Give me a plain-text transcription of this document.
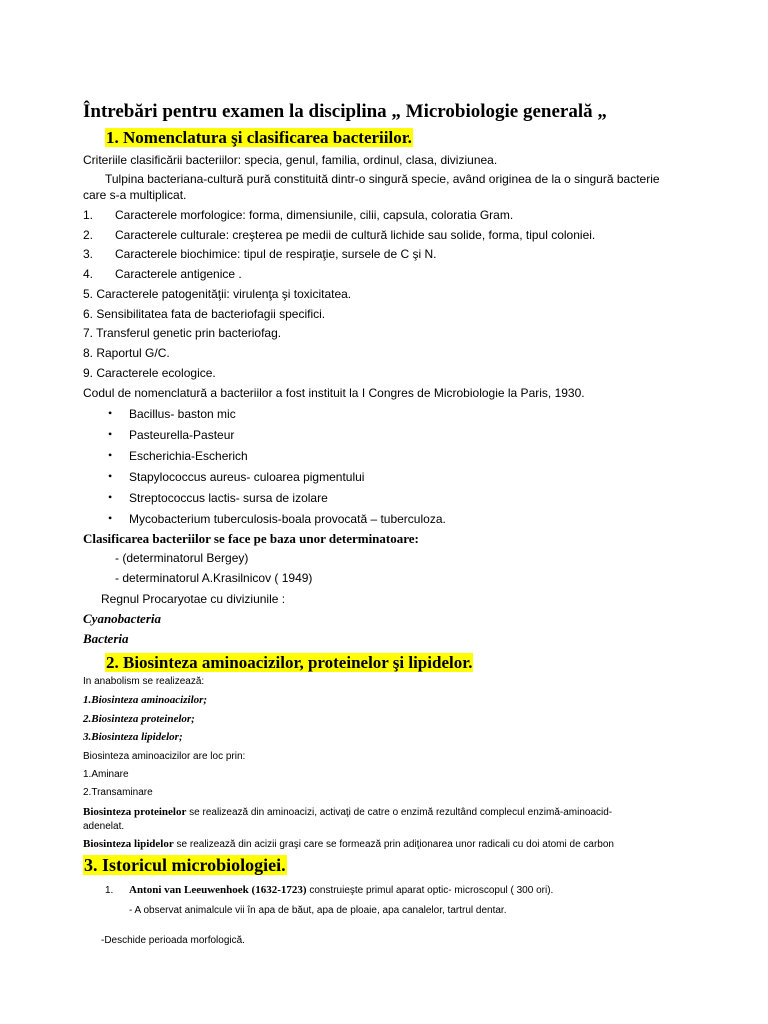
Întrebări pentru examen la disciplina „ Microbiologie generală „
1. Nomenclatura şi clasificarea bacteriilor.
Criteriile clasificării bacteriilor: specia, genul, familia, ordinul, clasa, diviziunea.
Tulpina bacteriana-cultură pură constituită dintr-o singură specie, având originea de la o singură bacterie
care s-a multiplicat.
1. Caracterele morfologice: forma, dimensiunile, cilii, capsula, coloratia Gram.
2. Caracterele culturale: creşterea pe medii de cultură lichide sau solide, forma, tipul coloniei.
3. Caracterele biochimice: tipul de respiraţie, sursele de C şi N.
4. Caracterele antigenice .
5. Caracterele patogenităţii: virulenţa şi toxicitatea.
6. Sensibilitatea fata de bacteriofagii specifici.
7. Transferul genetic prin bacteriofag.
8. Raportul G/C.
9. Caracterele ecologice.
Codul de nomenclatură a bacteriilor a fost instituit la I Congres de Microbiologie la Paris, 1930.
• Bacillus- baston mic
• Pasteurella-Pasteur
• Escherichia-Escherich
• Stapylococcus aureus- culoarea pigmentului
• Streptococcus lactis- sursa de izolare
• Mycobacterium tuberculosis-boala provocată – tuberculoza.
Clasificarea bacteriilor se face pe baza unor determinatoare:
- (determinatorul Bergey)
- determinatorul A.Krasilnicov ( 1949)
Regnul Procaryotae cu diviziunile :
Cyanobacteria
Bacteria
2. Biosinteza aminoacizilor, proteinelor şi lipidelor.
In anabolism se realizează:
1.Biosinteza aminoacizilor;
2.Biosinteza proteinelor;
3.Biosinteza lipidelor;
Biosinteza aminoacizilor are loc prin:
1.Aminare
2.Transaminare
Biosinteza proteinelor se realizează din aminoacizi, activaţi de catre o enzimă rezultând complecul enzimă-aminoacid-
adenelat.
Biosinteza lipidelor se realizează din acizii graşi care se formează prin adiţionarea unor radicali cu doi atomi de carbon
3. Istoricul microbiologiei.
1. Antoni van Leeuwenhoek (1632-1723) construieşte primul aparat optic- microscopul ( 300 ori).
- A observat animalcule vii în apa de băut, apa de ploaie, apa canalelor, tartrul dentar.
-Deschide perioada morfologică.
